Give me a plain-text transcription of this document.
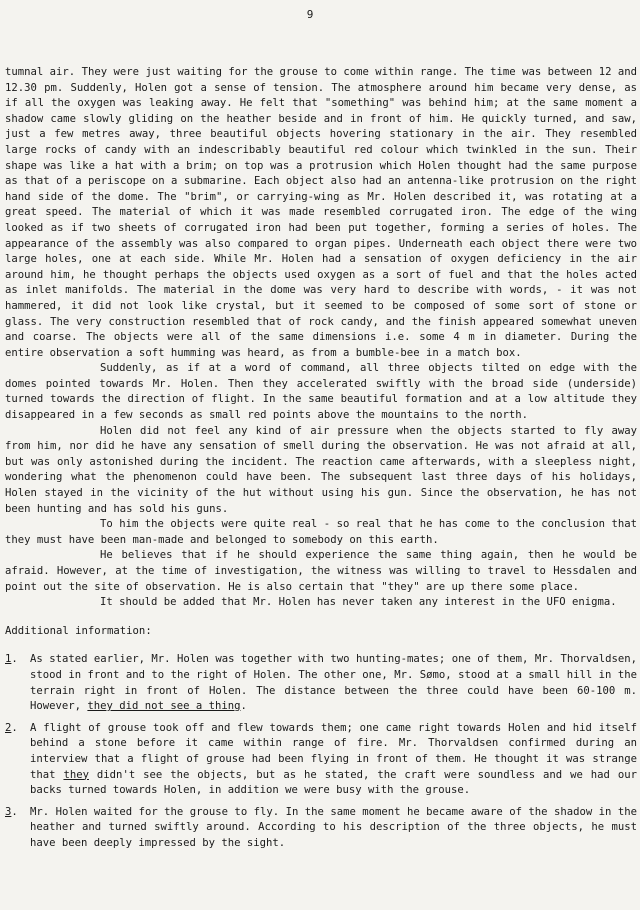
9

tumnal air. They were just waiting for the grouse to come within range. The time was between 12 and 12.30 pm. Suddenly, Holen got a sense of tension. The atmosphere around him became very dense, as if all the oxygen was leaking away. He felt that "something" was behind him; at the same moment a shadow came slowly gliding on the heather beside and in front of him. He quickly turned, and saw, just a few metres away, three beautiful objects hovering stationary in the air. They resembled large rocks of candy with an indescribably beautiful red colour which twinkled in the sun. Their shape was like a hat with a brim; on top was a protrusion which Holen thought had the same purpose as that of a periscope on a submarine. Each object also had an antenna-like protrusion on the right hand side of the dome. The "brim", or carrying-wing as Mr. Holen described it, was rotating at a great speed. The material of which it was made resembled corrugated iron. The edge of the wing looked as if two sheets of corrugated iron had been put together, forming a series of holes. The appearance of the assembly was also compared to organ pipes. Underneath each object there were two large holes, one at each side. While Mr. Holen had a sensation of oxygen deficiency in the air around him, he thought perhaps the objects used oxygen as a sort of fuel and that the holes acted as inlet manifolds. The material in the dome was very hard to describe with words, - it was not hammered, it did not look like crystal, but it seemed to be composed of some sort of stone or glass. The very construction resembled that of rock candy, and the finish appeared somewhat uneven and coarse. The objects were all of the same dimensions i.e. some 4 m in diameter. During the entire observation a soft humming was heard, as from a bumble-bee in a match box.

Suddenly, as if at a word of command, all three objects tilted on edge with the domes pointed towards Mr. Holen. Then they accelerated swiftly with the broad side (underside) turned towards the direction of flight. In the same beautiful formation and at a low altitude they disappeared in a few seconds as small red points above the mountains to the north.

Holen did not feel any kind of air pressure when the objects started to fly away from him, nor did he have any sensation of smell during the observation. He was not afraid at all, but was only astonished during the incident. The reaction came afterwards, with a sleepless night, wondering what the phenomenon could have been. The subsequent last three days of his holidays, Holen stayed in the vicinity of the hut without using his gun. Since the observation, he has not been hunting and has sold his guns.

To him the objects were quite real - so real that he has come to the conclusion that they must have been man-made and belonged to somebody on this earth.

He believes that if he should experience the same thing again, then he would be afraid. However, at the time of investigation, the witness was willing to travel to Hessdalen and point out the site of observation. He is also certain that "they" are up there some place.

It should be added that Mr. Holen has never taken any interest in the UFO enigma.

Additional information:

1.	As stated earlier, Mr. Holen was together with two hunting-mates; one of them, Mr. Thorvaldsen, stood in front and to the right of Holen. The other one, Mr. Sømo, stood at a small hill in the terrain right in front of Holen. The distance between the three could have been 60-100 m. However, they did not see a thing.
2.	A flight of grouse took off and flew towards them; one came right towards Holen and hid itself behind a stone before it came within range of fire. Mr. Thorvaldsen confirmed during an interview that a flight of grouse had been flying in front of them. He thought it was strange that they didn't see the objects, but as he stated, the craft were soundless and we had our backs turned towards Holen, in addition we were busy with the grouse.
3.	Mr. Holen waited for the grouse to fly. In the same moment he became aware of the shadow in the heather and turned swiftly around. According to his description of the three objects, he must have been deeply impressed by the sight.
